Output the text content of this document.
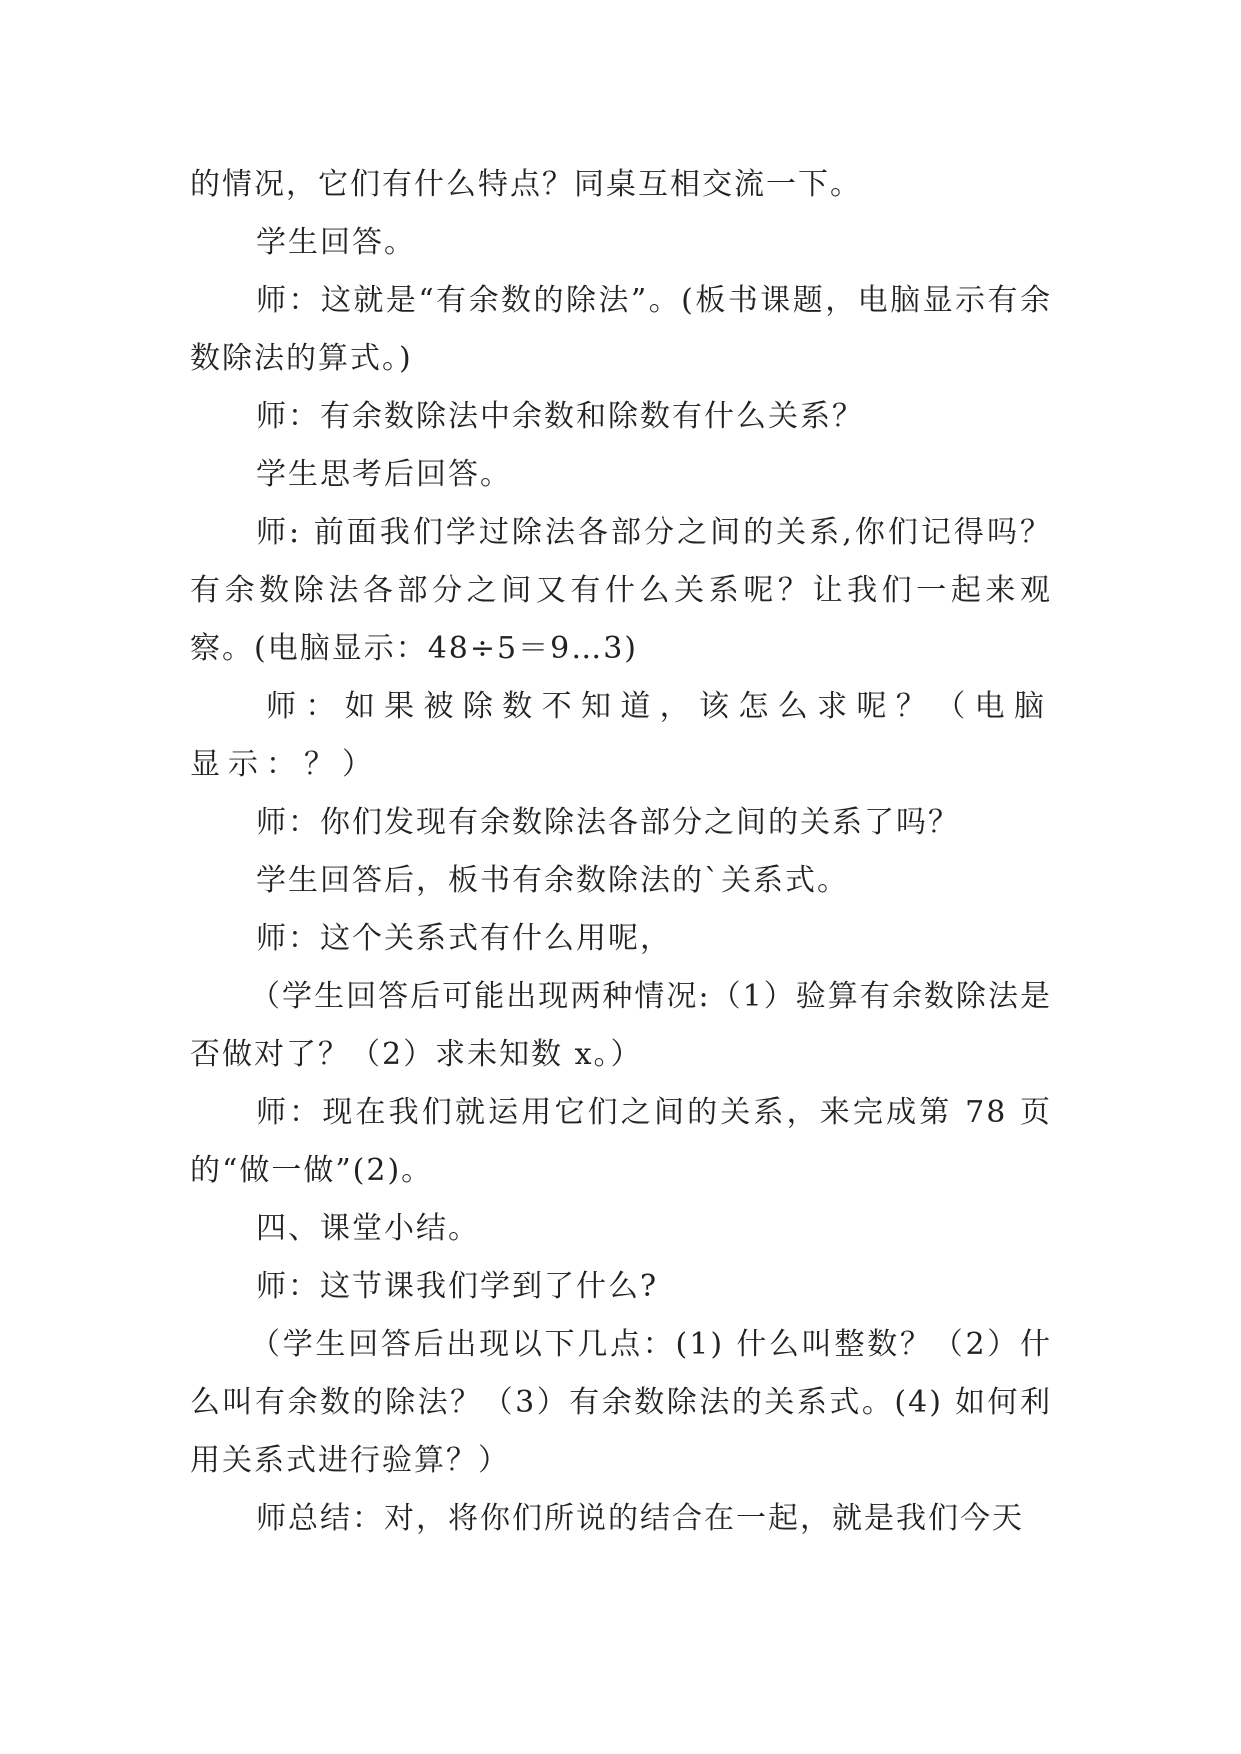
的情况，它们有什么特点？同桌互相交流一下。

学生回答。

师：这就是“有余数的除法”。(板书课题，电脑显示有余数除法的算式。)

师：有余数除法中余数和除数有什么关系？

学生思考后回答。

师: 前面我们学过除法各部分之间的关系,你们记得吗？有余数除法各部分之间又有什么关系呢？让我们一起来观察。(电脑显示：48÷5＝9…3)

师：如果被除数不知道，该怎么求呢？（电脑显示：？）

师：你们发现有余数除法各部分之间的关系了吗？

学生回答后，板书有余数除法的`关系式。

师：这个关系式有什么用呢，

（学生回答后可能出现两种情况:（1）验算有余数除法是否做对了？（2）求未知数 x。）

师：现在我们就运用它们之间的关系，来完成第 78 页的“做一做”(2)。

四、课堂小结。

师：这节课我们学到了什么?

（学生回答后出现以下几点：(1) 什么叫整数？（2）什么叫有余数的除法？（3）有余数除法的关系式。(4) 如何利用关系式进行验算？）

师总结：对，将你们所说的结合在一起，就是我们今天
